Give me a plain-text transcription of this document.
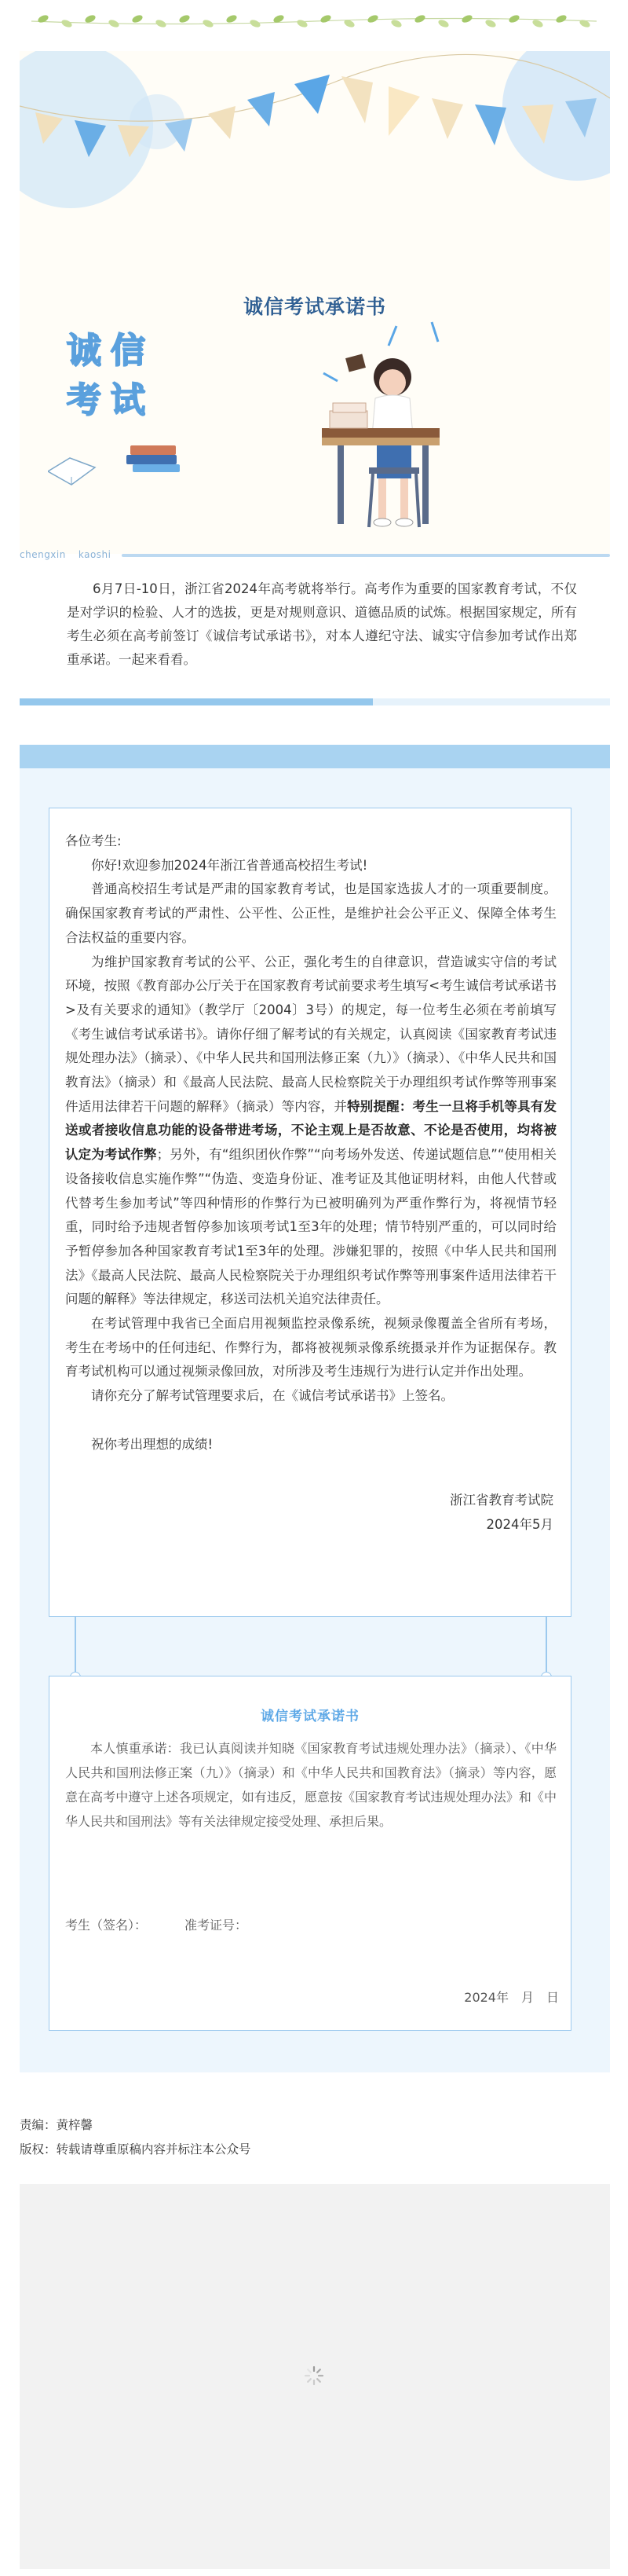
诚信考试承诺书
诚信
考试
chengxin kaoshi
6月7日-10日，浙江省2024年高考就将举行。高考作为重要的国家教育考试，不仅是对学识的检验、人才的选拔，更是对规则意识、道德品质的试炼。根据国家规定，所有考生必须在高考前签订《诚信考试承诺书》，对本人遵纪守法、诚实守信参加考试作出郑重承诺。一起来看看。

各位考生:

你好!欢迎参加2024年浙江省普通高校招生考试!

普通高校招生考试是严肃的国家教育考试，也是国家选拔人才的一项重要制度。确保国家教育考试的严肃性、公平性、公正性，是维护社会公平正义、保障全体考生合法权益的重要内容。

为维护国家教育考试的公平、公正，强化考生的自律意识，营造诚实守信的考试环境，按照《教育部办公厅关于在国家教育考试前要求考生填写<考生诚信考试承诺书>及有关要求的通知》（教学厅〔2004〕3号）的规定，每一位考生必须在考前填写《考生诚信考试承诺书》。请你仔细了解考试的有关规定，认真阅读《国家教育考试违规处理办法》（摘录）、《中华人民共和国刑法修正案（九）》（摘录）、《中华人民共和国教育法》（摘录）和《最高人民法院、最高人民检察院关于办理组织考试作弊等刑事案件适用法律若干问题的解释》（摘录）等内容，并特别提醒：考生一旦将手机等具有发送或者接收信息功能的设备带进考场，不论主观上是否故意、不论是否使用，均将被认定为考试作弊；另外，有“组织团伙作弊”“向考场外发送、传递试题信息”“使用相关设备接收信息实施作弊”“伪造、变造身份证、准考证及其他证明材料，由他人代替或代替考生参加考试”等四种情形的作弊行为已被明确列为严重作弊行为，将视情节轻重，同时给予违规者暂停参加该项考试1至3年的处理；情节特别严重的，可以同时给予暂停参加各种国家教育考试1至3年的处理。涉嫌犯罪的，按照《中华人民共和国刑法》《最高人民法院、最高人民检察院关于办理组织考试作弊等刑事案件适用法律若干问题的解释》等法律规定，移送司法机关追究法律责任。

在考试管理中我省已全面启用视频监控录像系统，视频录像覆盖全省所有考场，考生在考场中的任何违纪、作弊行为，都将被视频录像系统摄录并作为证据保存。教育考试机构可以通过视频录像回放，对所涉及考生违规行为进行认定并作出处理。

请你充分了解考试管理要求后，在《诚信考试承诺书》上签名。

祝你考出理想的成绩!

浙江省教育考试院
2024年5月
诚信考试承诺书
本人慎重承诺：我已认真阅读并知晓《国家教育考试违规处理办法》（摘录）、《中华人民共和国刑法修正案（九）》（摘录）和《中华人民共和国教育法》（摘录）等内容，愿意在高考中遵守上述各项规定，如有违反，愿意按《国家教育考试违规处理办法》和《中华人民共和国刑法》等有关法律规定接受处理、承担后果。
考生（签名）：	准考证号：
2024年　月　日
责编：黄梓馨
版权：转载请尊重原稿内容并标注本公众号
